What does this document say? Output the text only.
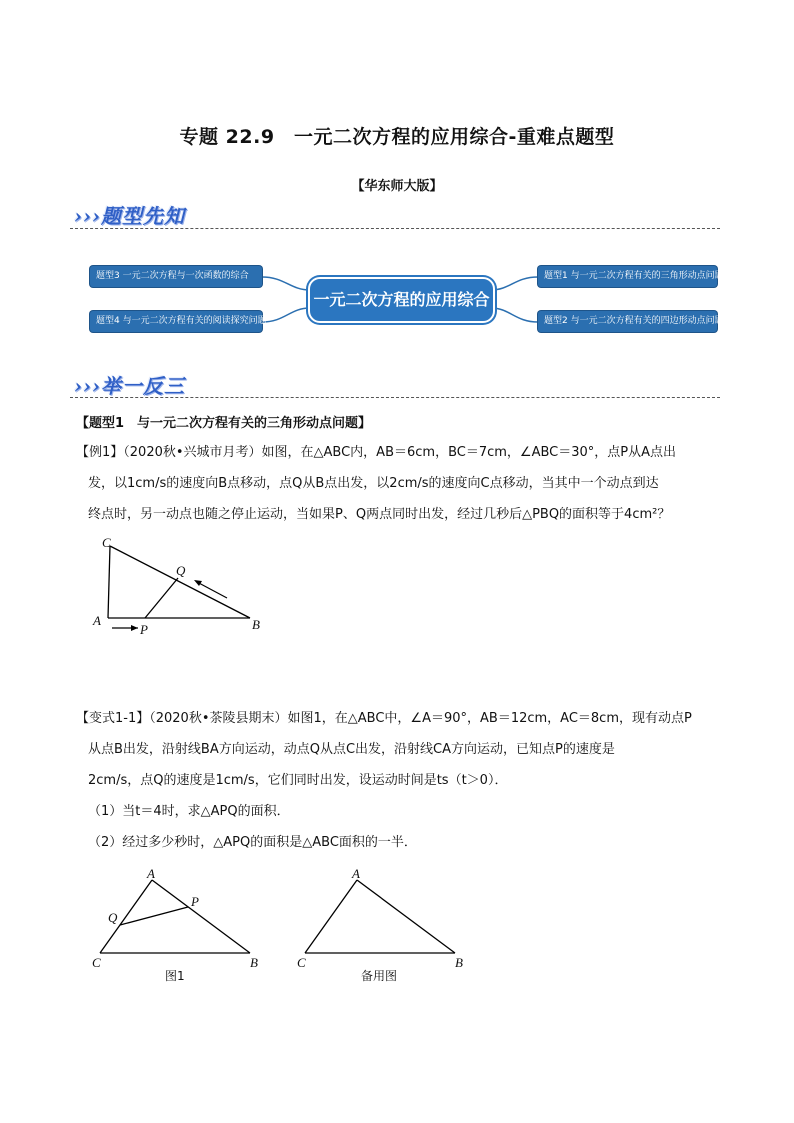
专题 22.9　一元二次方程的应用综合-重难点题型
【华东师大版】
›››题型先知
题型3 一元二次方程与一次函数的综合
题型4 与一元二次方程有关的阅读探究问题
一元二次方程的应用综合
题型1 与一元二次方程有关的三角形动点问题
题型2 与一元二次方程有关的四边形动点问题
›››举一反三
【题型1　与一元二次方程有关的三角形动点问题】
【例1】（2020秋•兴城市月考）如图，在△ABC内，AB＝6cm，BC＝7cm，∠ABC＝30°，点P从A点出
发，以1cm/s的速度向B点移动，点Q从B点出发，以2cm/s的速度向C点移动，当其中一个动点到达
终点时，另一动点也随之停止运动，当如果P、Q两点同时出发，经过几秒后△PBQ的面积等于4cm²？
C
A	B
P
Q
【变式1-1】（2020秋•茶陵县期末）如图1，在△ABC中，∠A＝90°，AB＝12cm，AC＝8cm，现有动点P
从点B出发，沿射线BA方向运动，动点Q从点C出发，沿射线CA方向运动，已知点P的速度是
2cm/s，点Q的速度是1cm/s，它们同时出发，设运动时间是ts（t＞0）．
（1）当t＝4时，求△APQ的面积．
（2）经过多少秒时，△APQ的面积是△ABC面积的一半．
A
P
Q
C	B
图1
A
C	B
备用图
